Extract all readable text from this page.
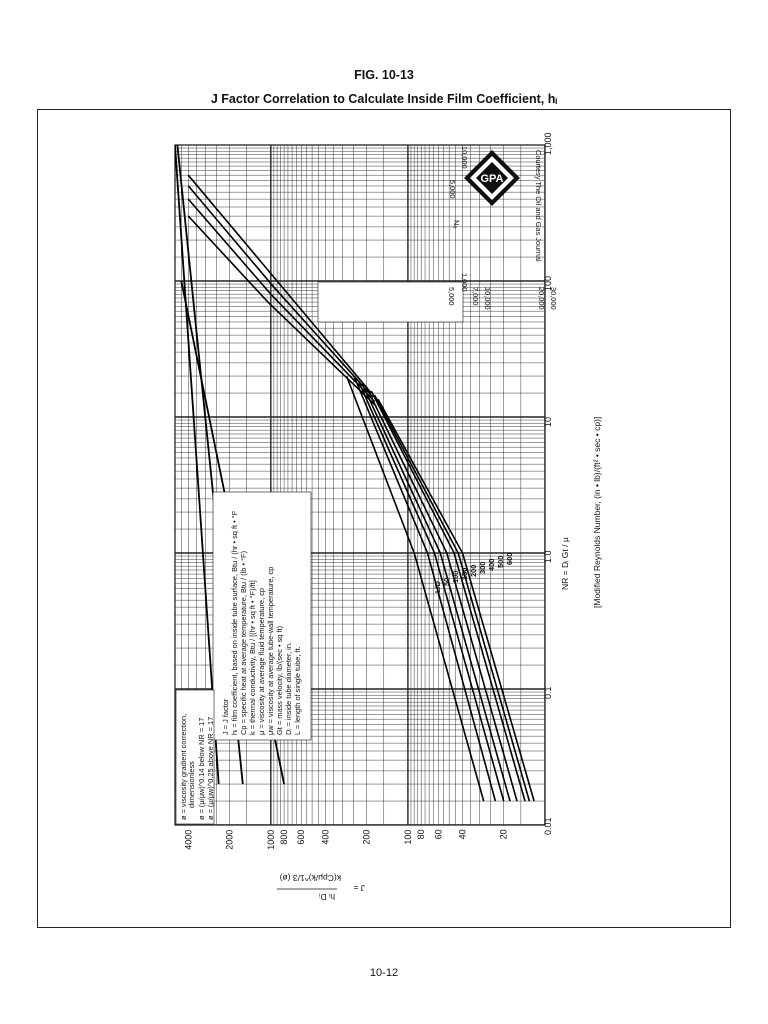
FIG. 10-13
J Factor Correlation to Calculate Inside Film Coefficient, hᵢ
J = J factor hᵢ = film coefficient, based on inside tube surface, Btu / (hr • sq ft • °F Cp = specific heat at average temperature, Btu / (lb • °F) k = thermal conductivity, Btu / [(hr • sq ft • °F)/ft] μ = viscosity at average fluid temperature, cp μw = viscosity at average tube-wall temperature, cp Gt = mass velocity, lb/(sec • sq ft) Dᵢ = inside tube diameter, in. L = length of single tube, ft.
ø = viscosity gradient correction, dimensionless ø = (μ/μw)^0.14 below NR = 17 ø = (μ/μw)^0.25 above NR = 17
30,000
20,000
10,000
7,000
5,000
1,000
5,000
10,000
Nₐ
GPA	Courtesy The Oil and Gas Journal
L/D 50 100 150 200 300 400 500 600
0.01
0.1
1.0
10
100
1,000
4000	2000	1000 800 600 400	200	100 80 60 40	20
NR = Dᵢ Gt / μ	[Modified Reynolds Number, (in • lb)/(ft² • sec • cp)]
J =
hᵢ Dᵢ
k(Cpμ/k)^1/3 (ø)
10-12
